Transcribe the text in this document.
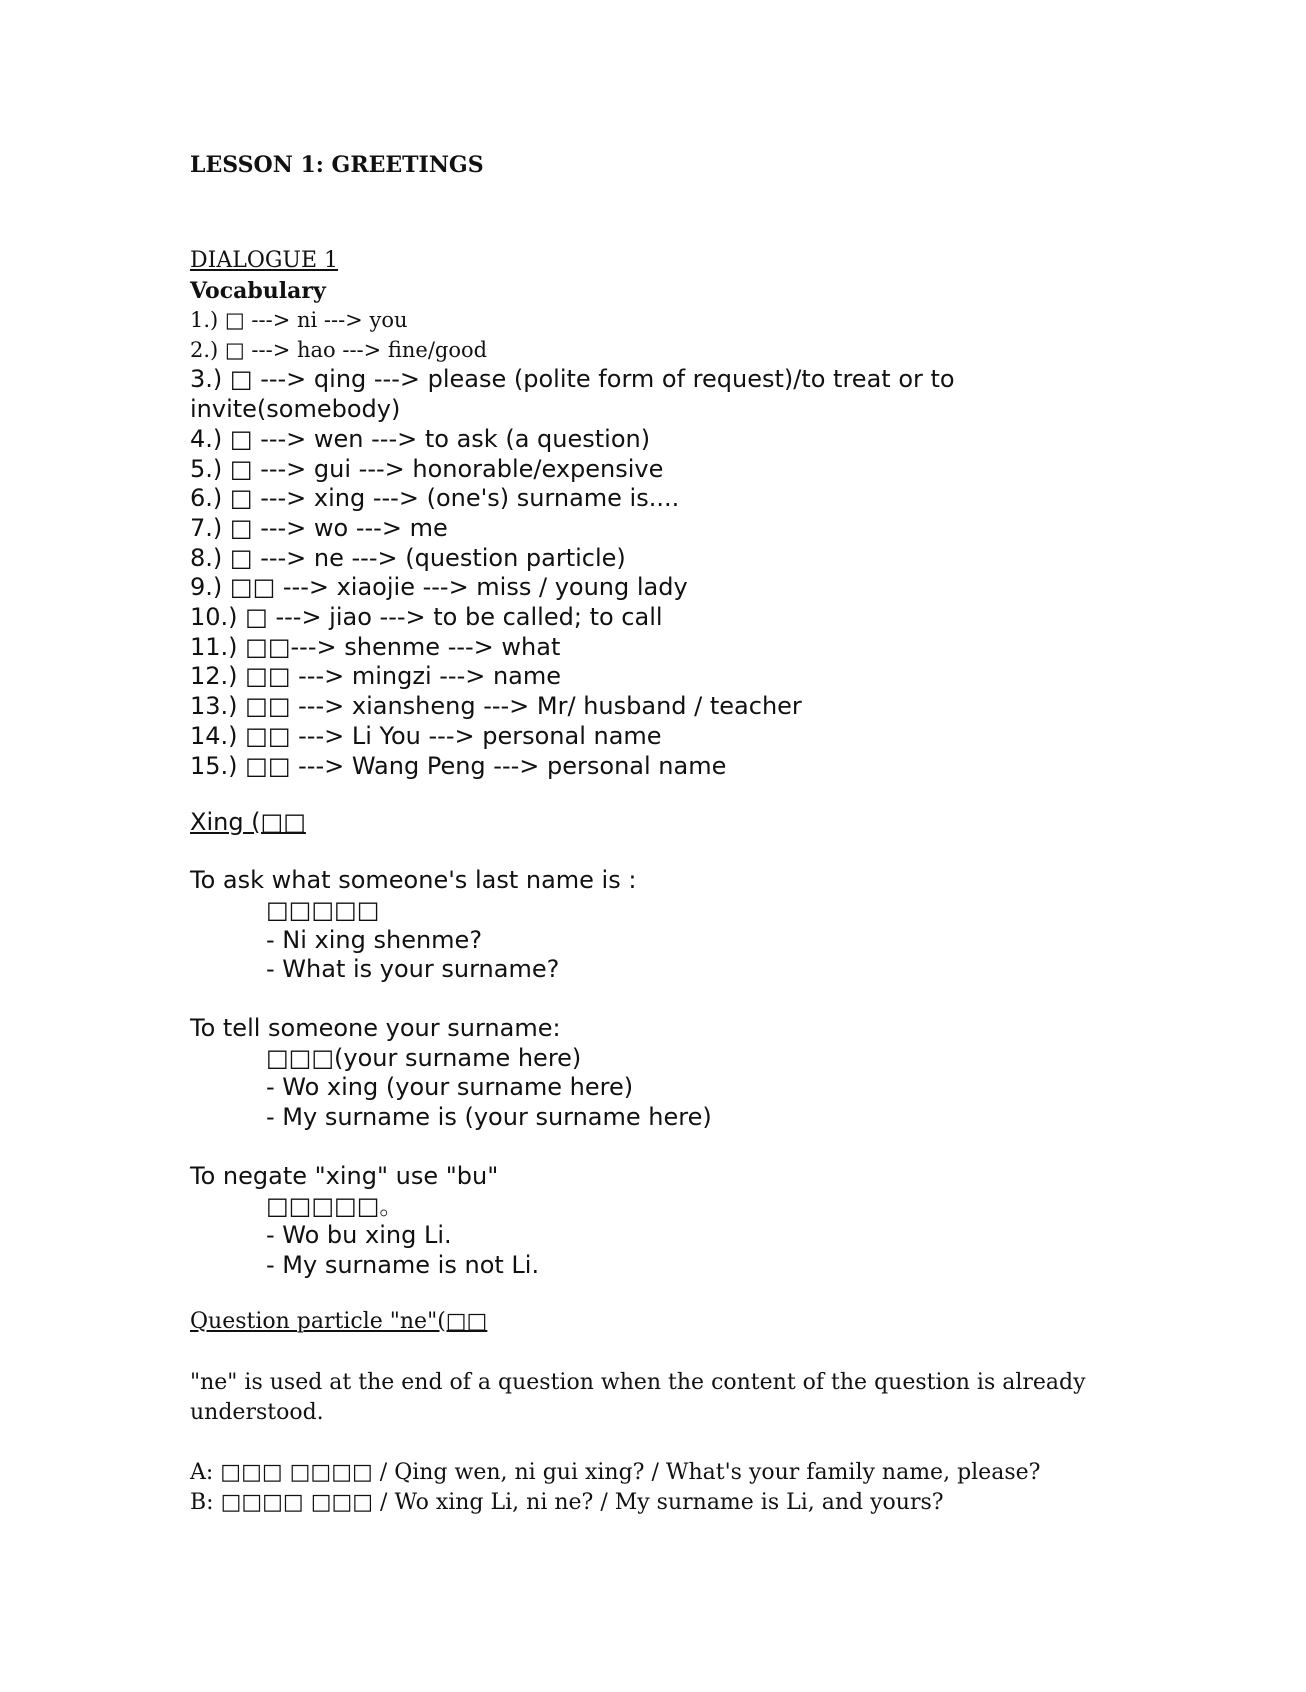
LESSON 1: GREETINGS
DIALOGUE 1
Vocabulary
1.) □ ---> ni ---> you
2.) □ ---> hao ---> fine/good
3.) □ ---> qing ---> please (polite form of request)/to treat or to
invite(somebody)
4.) □ ---> wen ---> to ask (a question)
5.) □ ---> gui ---> honorable/expensive
6.) □ ---> xing ---> (one's) surname is....
7.) □ ---> wo ---> me
8.) □ ---> ne ---> (question particle)
9.) □□ ---> xiaojie ---> miss / young lady
10.) □ ---> jiao ---> to be called; to call
11.) □□---> shenme ---> what
12.) □□ ---> mingzi ---> name
13.) □□ ---> xiansheng ---> Mr/ husband / teacher
14.) □□ ---> Li You ---> personal name
15.) □□ ---> Wang Peng ---> personal name
Xing (□□

To ask what someone's last name is :

□□□□□

- Ni xing shenme?

- What is your surname?

To tell someone your surname:

□□□(your surname here)

- Wo xing (your surname here)

- My surname is (your surname here)

To negate "xing" use "bu"

□□□□□。

- Wo bu xing Li.

- My surname is not Li.

Question particle "ne"(□□
"ne" is used at the end of a question when the content of the question is already understood.

A: □□□ □□□□ / Qing wen, ni gui xing? / What's your family name, please?

B: □□□□ □□□ / Wo xing Li, ni ne? / My surname is Li, and yours?
